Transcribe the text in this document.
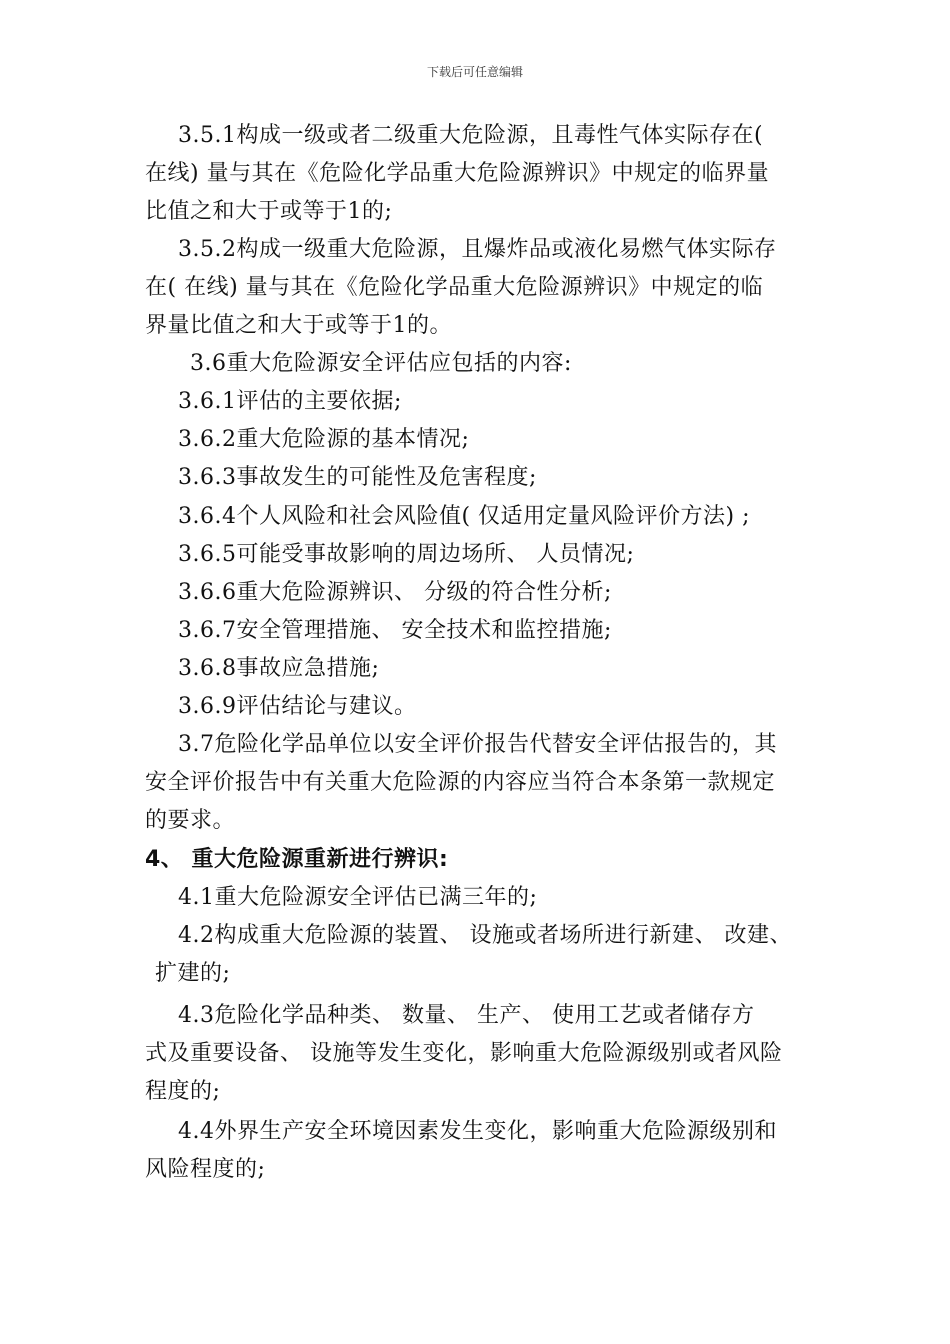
下载后可任意编辑
3.5.1构成一级或者二级重大危险源，且毒性气体实际存在(
在线) 量与其在《危险化学品重大危险源辨识》中规定的临界量
比值之和大于或等于1的;
3.5.2构成一级重大危险源，且爆炸品或液化易燃气体实际存
在( 在线) 量与其在《危险化学品重大危险源辨识》中规定的临
界量比值之和大于或等于1的。
3.6重大危险源安全评估应包括的内容:
3.6.1评估的主要依据;
3.6.2重大危险源的基本情况;
3.6.3事故发生的可能性及危害程度;
3.6.4个人风险和社会风险值( 仅适用定量风险评价方法) ;
3.6.5可能受事故影响的周边场所、 人员情况;
3.6.6重大危险源辨识、 分级的符合性分析;
3.6.7安全管理措施、 安全技术和监控措施;
3.6.8事故应急措施;
3.6.9评估结论与建议。
3.7危险化学品单位以安全评价报告代替安全评估报告的，其
安全评价报告中有关重大危险源的内容应当符合本条第一款规定
的要求。
4、 重大危险源重新进行辨识:
4.1重大危险源安全评估已满三年的;
4.2构成重大危险源的装置、 设施或者场所进行新建、 改建、
扩建的;
4.3危险化学品种类、 数量、 生产、 使用工艺或者储存方
式及重要设备、 设施等发生变化，影响重大危险源级别或者风险
程度的;
4.4外界生产安全环境因素发生变化，影响重大危险源级别和
风险程度的;
